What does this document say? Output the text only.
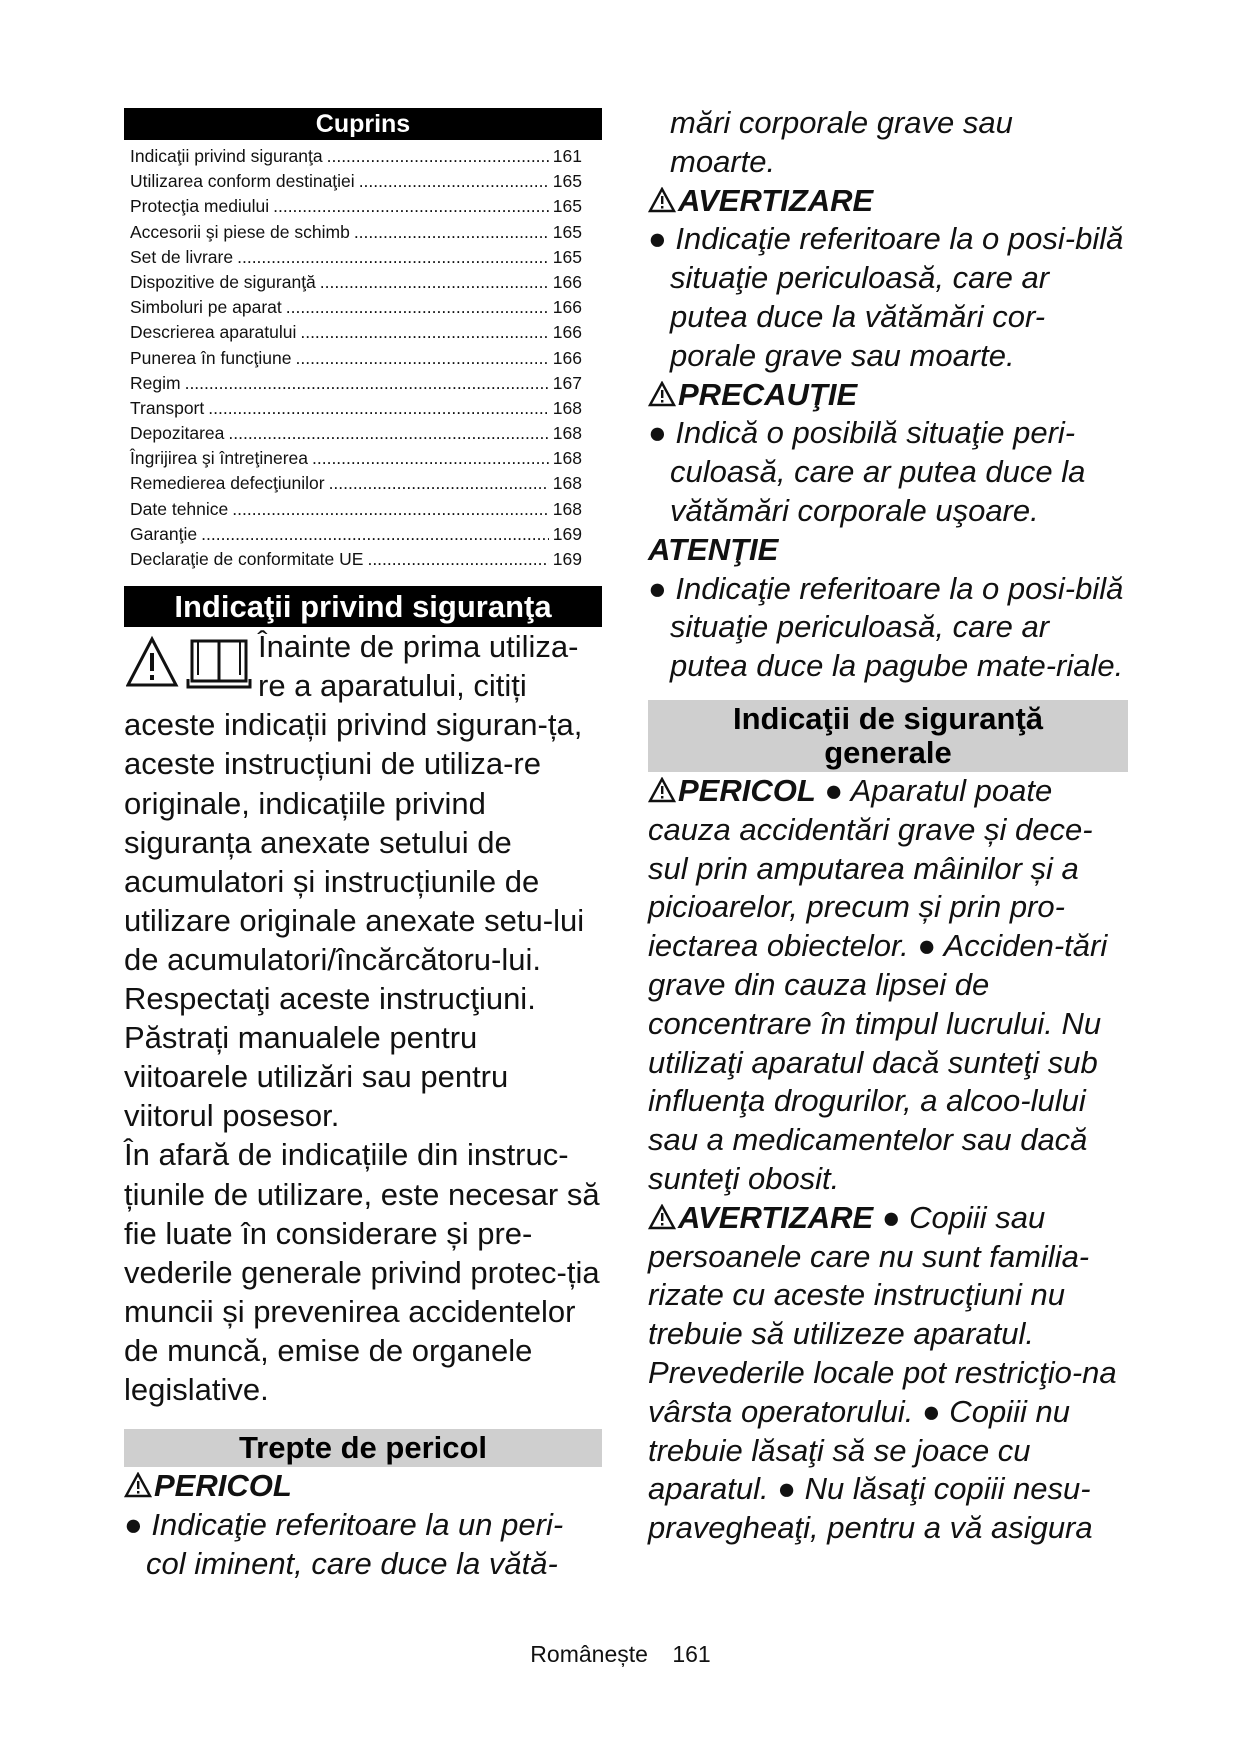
Cuprins
Indicaţii privind siguranţa .....	161
Utilizarea conform destinaţiei .....	165
Protecţia mediului .....	165
Accesorii şi piese de schimb .....	165
Set de livrare .....	165
Dispozitive de siguranţă .....	166
Simboluri pe aparat .....	166
Descrierea aparatului .....	166
Punerea în funcţiune .....	166
Regim .....	167
Transport .....	168
Depozitarea .....	168
Îngrijirea şi întreţinerea .....	168
Remedierea defecţiunilor .....	168
Date tehnice .....	168
Garanţie .....	169
Declaraţie de conformitate UE .....	169
Indicaţii privind siguranţa

Înainte de prima utiliza-

re a aparatului, citiți

aceste indicații privind siguran-ța, aceste instrucțiuni de utiliza-re originale, indicațiile privind siguranța anexate setului de acumulatori și instrucțiunile de utilizare originale anexate setu-lui de acumulatori/încărcătoru-lui. Respectaţi aceste instrucţiuni. Păstrați manualele pentru viitoarele utilizări sau pentru viitorul posesor.

În afară de indicațiile din instruc-țiunile de utilizare, este necesar să fie luate în considerare și pre-vederile generale privind protec-ția muncii și prevenirea accidentelor de muncă, emise de organele legislative.

Trepte de pericol
PERICOL
● Indicaţie referitoare la un peri-
col iminent, care duce la vătă-
mări corporale grave sau moarte.
AVERTIZARE
● Indicaţie referitoare la o posi-bilă situaţie periculoasă, care ar putea duce la vătămări cor-porale grave sau moarte.
PRECAUŢIE
● Indică o posibilă situaţie peri-culoasă, care ar putea duce la vătămări corporale uşoare.
ATENŢIE
● Indicaţie referitoare la o posi-bilă situaţie periculoasă, care ar putea duce la pagube mate-riale.
Indicaţii de siguranţă
generale
PERICOL ● Aparatul poate cauza accidentări grave și dece-sul prin amputarea mâinilor și a picioarelor, precum și prin pro-iectarea obiectelor. ● Acciden-tări grave din cauza lipsei de concentrare în timpul lucrului. Nu utilizaţi aparatul dacă sunteţi sub influenţa drogurilor, a alcoo-lului sau a medicamentelor sau dacă sunteţi obosit.
AVERTIZARE ● Copiii sau persoanele care nu sunt familia-rizate cu aceste instrucţiuni nu trebuie să utilizeze aparatul. Prevederile locale pot restricţio-na vârsta operatorului. ● Copiii nu trebuie lăsaţi să se joace cu aparatul. ● Nu lăsaţi copiii nesu-pravegheaţi, pentru a vă asigura
Românește 161
